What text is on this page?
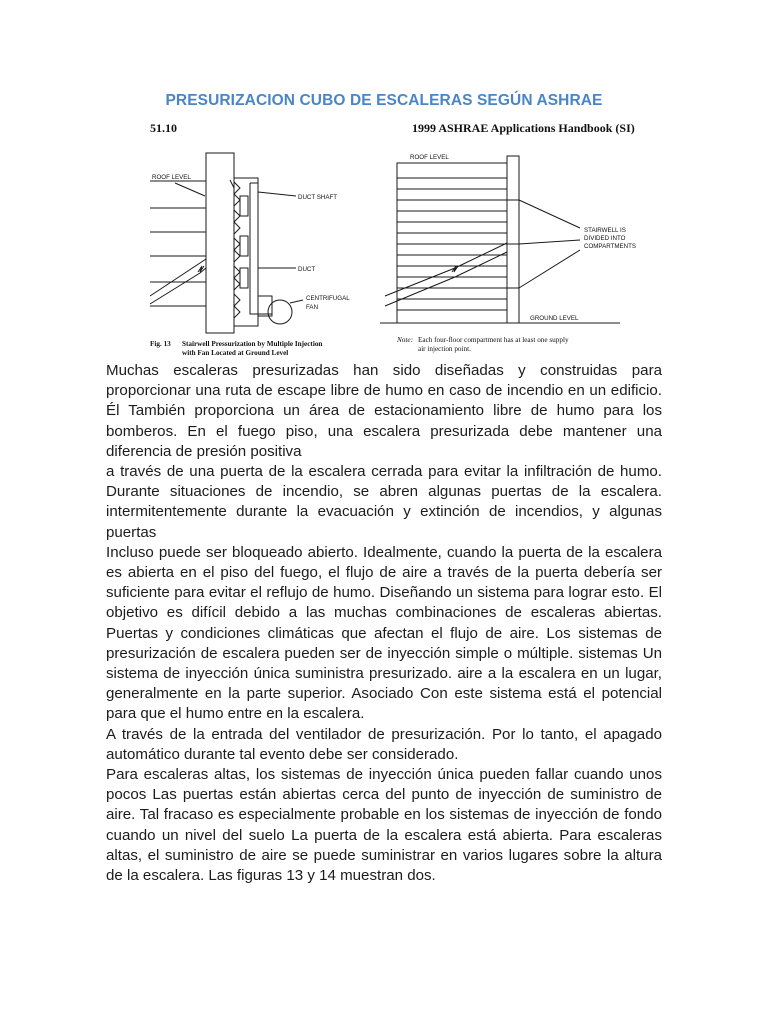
PRESURIZACION CUBO DE ESCALERAS SEGÚN ASHRAE
51.10	1999 ASHRAE Applications Handbook (SI)
ROOF LEVEL
DUCT SHAFT
DUCT
CENTRIFUGAL
FAN
Fig. 13 Stairwell Pressurization by Multiple Injection
with Fan Located at Ground Level
ROOF LEVEL
STAIRWELL IS
DIVIDED INTO
COMPARTMENTS
GROUND LEVEL
Note: Each four-floor compartment has at least one supply
air injection point.

Muchas escaleras presurizadas han sido diseñadas y construidas para proporcionar una ruta de escape libre de humo en caso de incendio en un edificio. Él También proporciona un área de estacionamiento libre de humo para los bomberos. En el fuego piso, una escalera presurizada debe mantener una diferencia de presión positiva

a través de una puerta de la escalera cerrada para evitar la infiltración de humo. Durante situaciones de incendio, se abren algunas puertas de la escalera. intermitentemente durante la evacuación y extinción de incendios, y algunas puertas

Incluso puede ser bloqueado abierto. Idealmente, cuando la puerta de la escalera es abierta en el piso del fuego, el flujo de aire a través de la puerta debería ser suficiente para evitar el reflujo de humo. Diseñando un sistema para lograr esto. El objetivo es difícil debido a las muchas combinaciones de escaleras abiertas. Puertas y condiciones climáticas que afectan el flujo de aire. Los sistemas de presurización de escalera pueden ser de inyección simple o múltiple. sistemas Un sistema de inyección única suministra presurizado. aire a la escalera en un lugar, generalmente en la parte superior. Asociado Con este sistema está el potencial para que el humo entre en la escalera.

A través de la entrada del ventilador de presurización. Por lo tanto, el apagado automático durante tal evento debe ser considerado.

Para escaleras altas, los sistemas de inyección única pueden fallar cuando unos pocos Las puertas están abiertas cerca del punto de inyección de suministro de aire. Tal fracaso es especialmente probable en los sistemas de inyección de fondo cuando un nivel del suelo La puerta de la escalera está abierta. Para escaleras altas, el suministro de aire se puede suministrar en varios lugares sobre la altura de la escalera. Las figuras 13 y 14 muestran dos.
